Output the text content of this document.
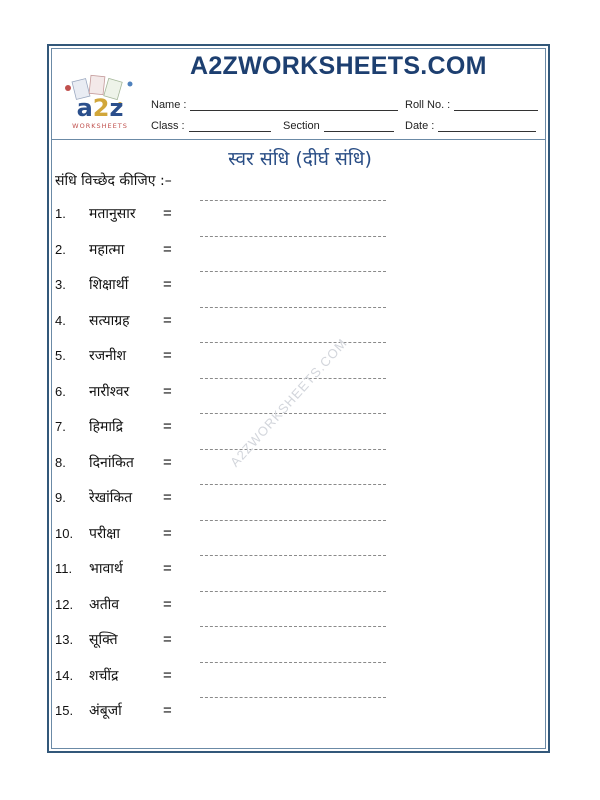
A2ZWORKSHEETS.COM
a2z
WORKSHEETS
Name :	Roll No. :
Class :	Section	Date :
स्वर संधि (दीर्घ संधि)
संधि विच्छेद कीजिए :–
1. मतानुसार =
2. महात्मा	=
3. शिक्षार्थी =
4. सत्याग्रह =
5. रजनीश =
6. नारीश्वर =
7. हिमाद्रि	=
8. दिनांकित =
9. रेखांकित =
10. परीक्षा	=
11. भावार्थ	=
12. अतीव	=
13. सूक्ति	=
14. शचींद्र	=
15. अंबूर्जा	=
A2ZWORKSHEETS.COM
